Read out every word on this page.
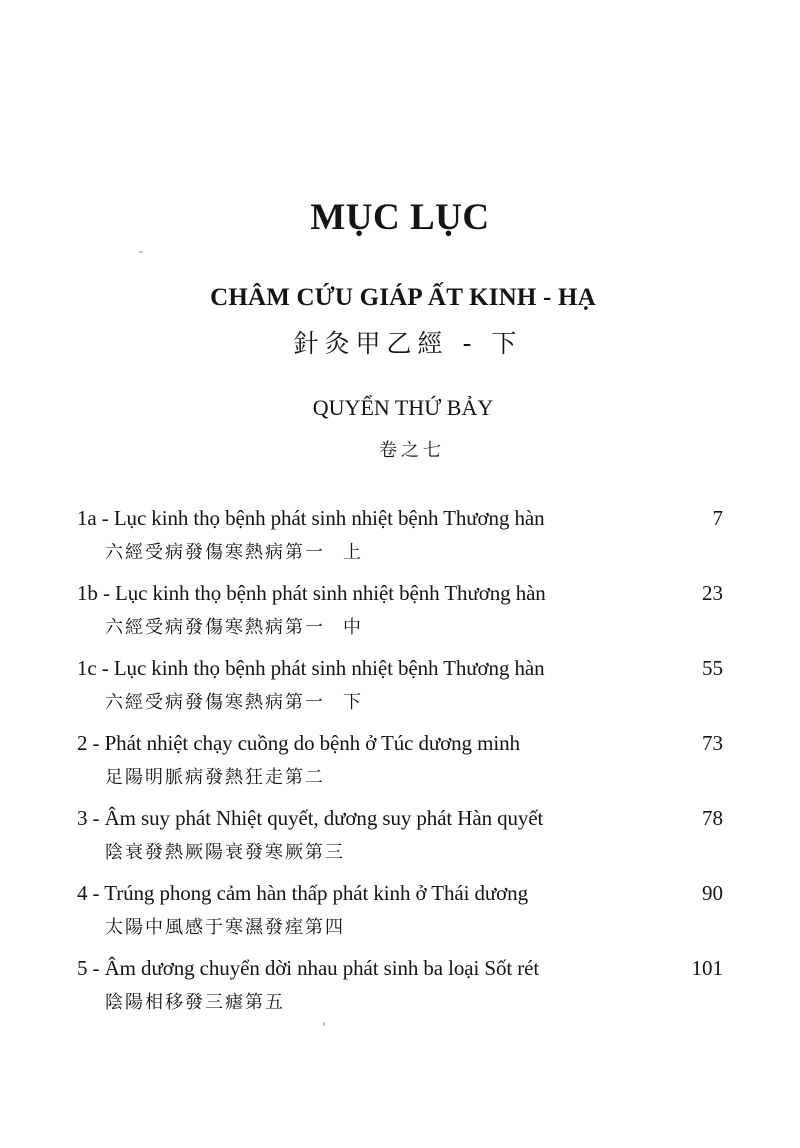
MỤC LỤC
CHÂM CỨU GIÁP ẤT KINH - HẠ
針灸甲乙經 - 下
QUYỂN THỨ BẢY
卷之七
1a - Lục kinh thọ bệnh phát sinh nhiệt bệnh Thương hàn	7
六經受病發傷寒熱病第一 上
1b - Lục kinh thọ bệnh phát sinh nhiệt bệnh Thương hàn	23
六經受病發傷寒熱病第一 中
1c - Lục kinh thọ bệnh phát sinh nhiệt bệnh Thương hàn	55
六經受病發傷寒熱病第一 下
2 - Phát nhiệt chạy cuồng do bệnh ở Túc dương minh	73
足陽明脈病發熱狂走第二
3 - Âm suy phát Nhiệt quyết, dương suy phát Hàn quyết	78
陰衰發熱厥陽衰發寒厥第三
4 - Trúng phong cảm hàn thấp phát kinh ở Thái dương	90
太陽中風感于寒濕發痓第四
5 - Âm dương chuyển dời nhau phát sinh ba loại Sốt rét	101
陰陽相移發三瘧第五
